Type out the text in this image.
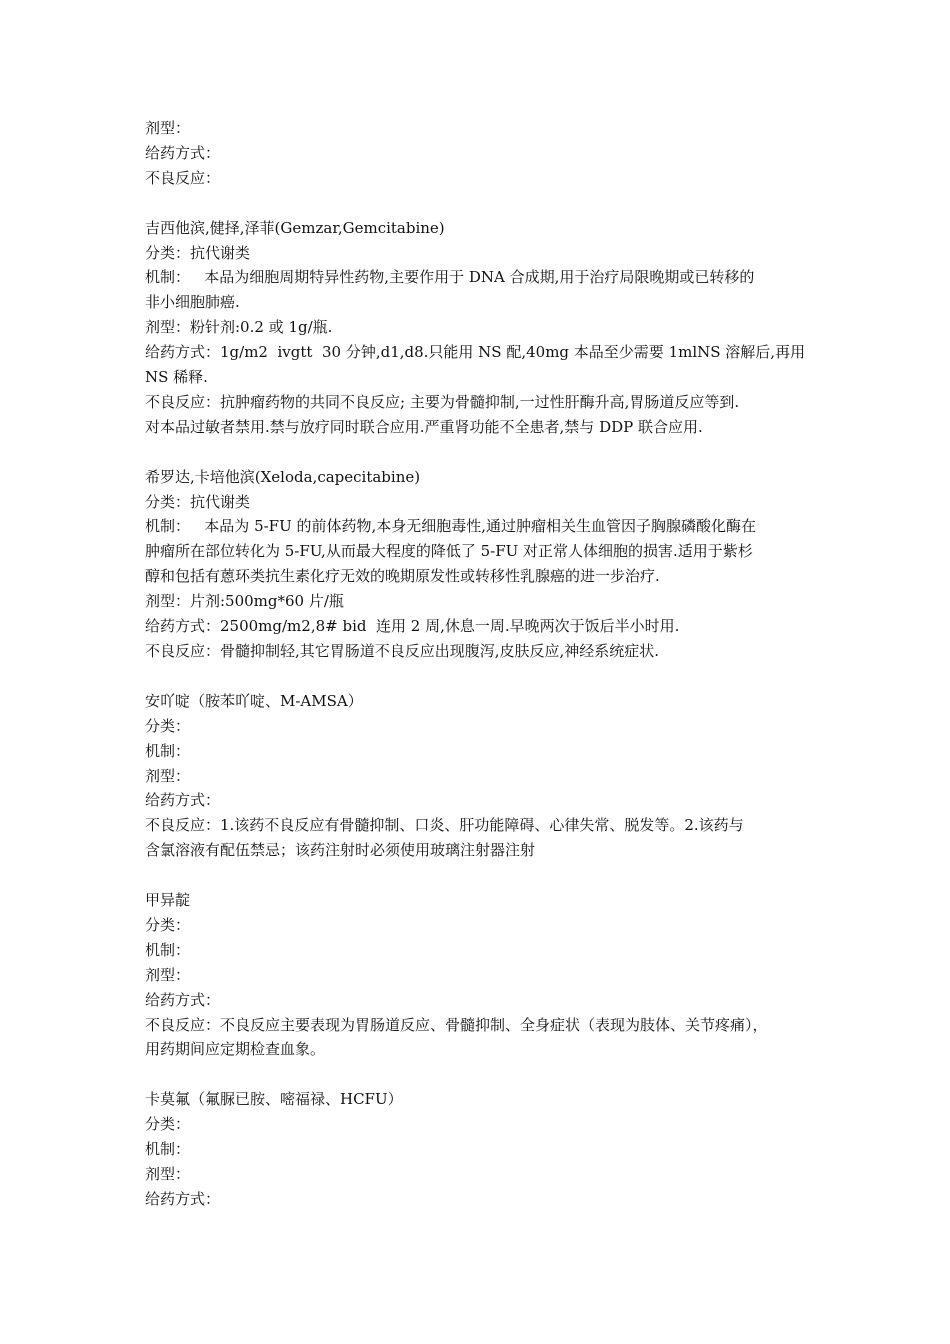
剂型：

给药方式：

不良反应：

吉西他滨,健择,泽菲(Gemzar,Gemcitabine)

分类：抗代谢类

机制：   本品为细胞周期特异性药物,主要作用于 DNA 合成期,用于治疗局限晚期或已转移的

非小细胞肺癌.

剂型：粉针剂:0.2 或 1g/瓶.

给药方式：1g/m2  ivgtt  30 分钟,d1,d8.只能用 NS 配,40mg 本品至少需要 1mlNS 溶解后,再用

NS 稀释.

不良反应：抗肿瘤药物的共同不良反应; 主要为骨髓抑制,一过性肝酶升高,胃肠道反应等到.

对本品过敏者禁用.禁与放疗同时联合应用.严重肾功能不全患者,禁与 DDP 联合应用.

希罗达,卡培他滨(Xeloda,capecitabine)

分类：抗代谢类

机制：   本品为 5-FU 的前体药物,本身无细胞毒性,通过肿瘤相关生血管因子胸腺磷酸化酶在

肿瘤所在部位转化为 5-FU,从而最大程度的降低了 5-FU 对正常人体细胞的损害.适用于紫杉

醇和包括有蒽环类抗生素化疗无效的晚期原发性或转移性乳腺癌的进一步治疗.

剂型：片剂:500mg*60 片/瓶

给药方式：2500mg/m2,8# bid  连用 2 周,休息一周.早晚两次于饭后半小时用.

不良反应：骨髓抑制轻,其它胃肠道不良反应出现腹泻,皮肤反应,神经系统症状.

安吖啶（胺苯吖啶、M-AMSA）

分类：

机制：

剂型：

给药方式：

不良反应：1.该药不良反应有骨髓抑制、口炎、肝功能障碍、心律失常、脱发等。2.该药与

含氯溶液有配伍禁忌；该药注射时必须使用玻璃注射器注射

甲异靛

分类：

机制：

剂型：

给药方式：

不良反应：不良反应主要表现为胃肠道反应、骨髓抑制、全身症状（表现为肢体、关节疼痛），

用药期间应定期检查血象。

卡莫氟（氟脲已胺、嘧福禄、HCFU）

分类：

机制：

剂型：

给药方式：
